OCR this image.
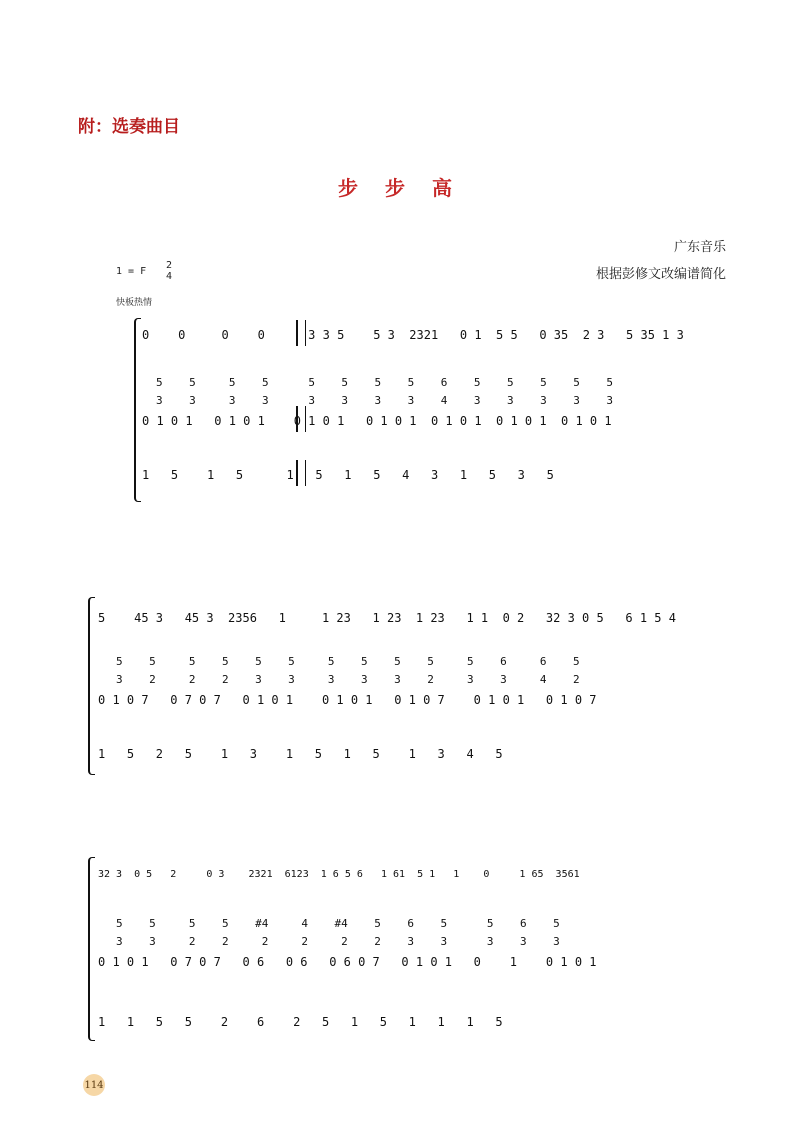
附：选奏曲目
步 步 高
广东音乐
根据彭修文改编谱简化
1 = F
2
4
快板热情
0    0     0    0      3 3 5    5 3  2321   0 1  5 5   0 35  2 3   5 35 1 3
5    5     5    5      5    5    5    5    6    5    5    5    5    5
3    3     3    3      3    3    3    3    4    3    3    3    3    3
0 1 0 1   0 1 0 1    0 1 0 1   0 1 0 1  0 1 0 1  0 1 0 1  0 1 0 1
1   5    1   5      1   5   1   5   4   3   1   5   3   5
5    45 3   45 3  2356   1     1 23   1 23  1 23   1 1  0 2   32 3 0 5   6 1 5 4
5    5     5    5    5    5     5    5    5    5     5    6     6    5
3    2     2    2    3    3     3    3    3    2     3    3     4    2
0 1 0 7   0 7 0 7   0 1 0 1    0 1 0 1   0 1 0 7    0 1 0 1   0 1 0 7
1   5   2   5    1   3    1   5   1   5    1   3   4   5
32 3  0 5   2     0 3    2321  6123  1 6 5 6   1 61  5 1   1    0     1 65  3561
5    5     5    5    #4     4    #4    5    6    5      5    6    5
3    3     2    2     2     2     2    2    3    3      3    3    3
0 1 0 1   0 7 0 7   0 6   0 6   0 6 0 7   0 1 0 1   0    1    0 1 0 1
1   1   5   5    2    6    2   5   1   5   1   1   1   5
114
